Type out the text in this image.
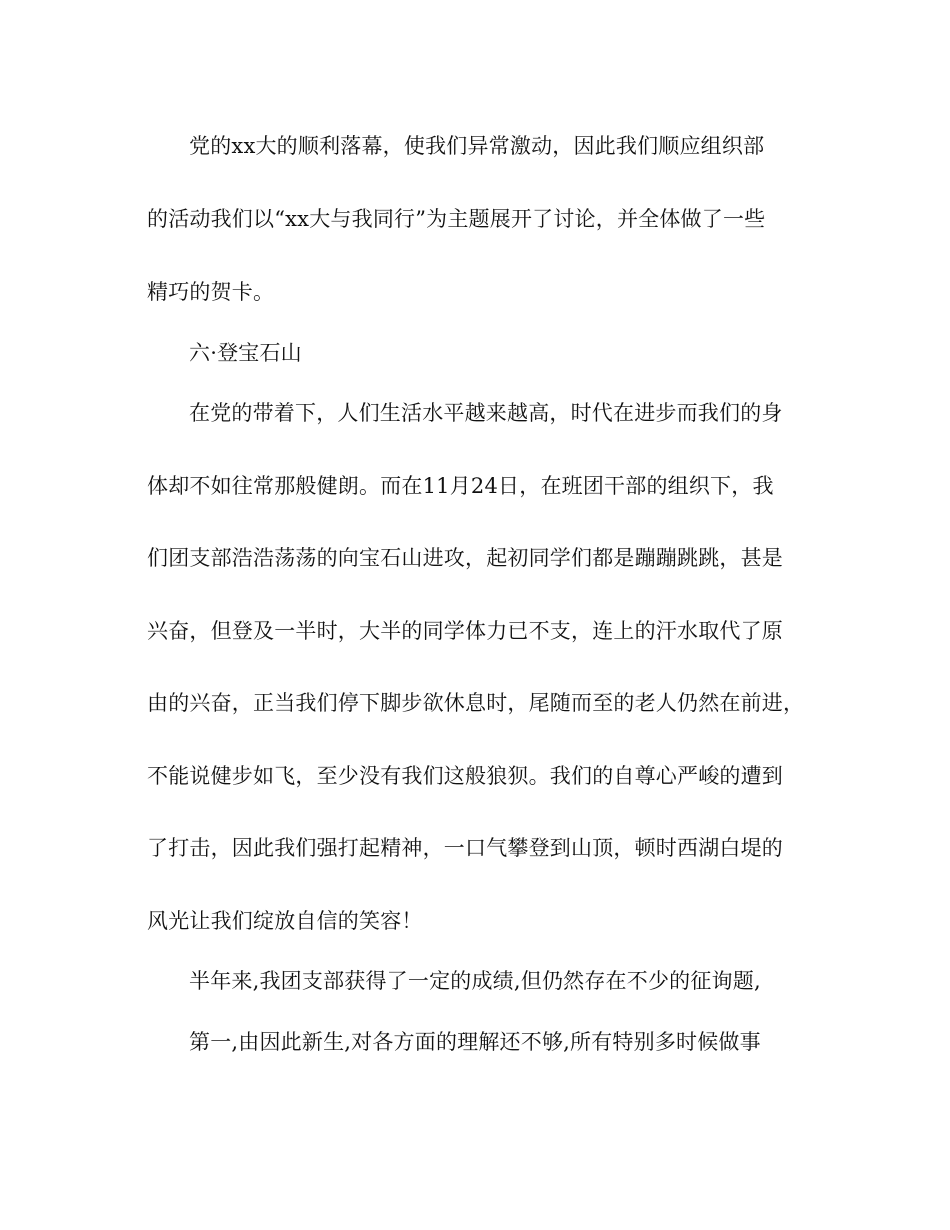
党的xx大的顺利落幕，使我们异常激动，因此我们顺应组织部
的活动我们以“xx大与我同行”为主题展开了讨论，并全体做了一些
精巧的贺卡。
六·登宝石山
在党的带着下，人们生活水平越来越高，时代在进步而我们的身
体却不如往常那般健朗。而在11月24日，在班团干部的组织下，我
们团支部浩浩荡荡的向宝石山进攻，起初同学们都是蹦蹦跳跳，甚是
兴奋，但登及一半时，大半的同学体力已不支，连上的汗水取代了原
由的兴奋，正当我们停下脚步欲休息时，尾随而至的老人仍然在前进，
不能说健步如飞，至少没有我们这般狼狈。我们的自尊心严峻的遭到
了打击，因此我们强打起精神，一口气攀登到山顶，顿时西湖白堤的
风光让我们绽放自信的笑容！
半年来,我团支部获得了一定的成绩,但仍然存在不少的征询题,
第一,由因此新生,对各方面的理解还不够,所有特别多时候做事
